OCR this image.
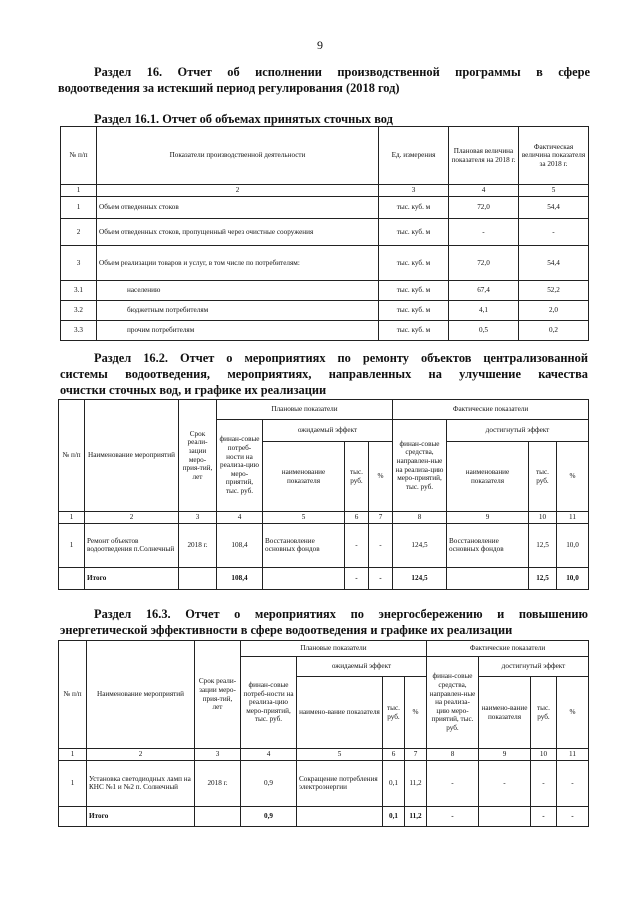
9
Раздел 16. Отчет об исполнении производственной программы в сфере
водоотведения за истекший период регулирования (2018 год)
Раздел 16.1. Отчет об объемах принятых сточных вод
№ п/п	Показатели производственной деятельности	Ед. измерения	Плановая величина показателя на 2018 г.	Фактическая величина показателя за 2018 г.
1	2	3	4	5
1	Объем отведенных стоков	тыс. куб. м	72,0	54,4
2	Объем отведенных стоков, пропущенный через очистные сооружения	тыс. куб. м	-	-
3	Объем реализации товаров и услуг, в том числе по потребителям:	тыс. куб. м	72,0	54,4
3.1	населению	тыс. куб. м	67,4	52,2
3.2	бюджетным потребителям	тыс. куб. м	4,1	2,0
3.3	прочим потребителям	тыс. куб. м	0,5	0,2
Раздел 16.2. Отчет о мероприятиях по ремонту объектов централизованной
системы водоотведения, мероприятиях, направленных на улучшение качества
очистки сточных вод, и графике их реализации
№ п/п	Наименование мероприятий	Срок реали-зации меро-прия-тий, лет	Плановые показатели				Фактические показатели			
			финан-совые потреб-ности на реализа-цию меро-приятий, тыс. руб.	ожидаемый эффект			финан-совые средства, направлен-ные на реализа-цию меро-приятий, тыс. руб.	достигнутый эффект		
				наименование показателя	тыс. руб.	%		наименование показателя	тыс. руб.	%
1	2	3	4	5	6	7	8	9	10	11
1	Ремонт объектов водоотведения п.Солнечный	2018 г.	108,4	Восстановление основных фондов	-	-	124,5	Восстановление основных фондов	12,5	10,0
	Итого		108,4		-	-	124,5		12,5	10,0
Раздел 16.3. Отчет о мероприятиях по энергосбережению и повышению
энергетической эффективности в сфере водоотведения и графике их реализации
№ п/п	Наименование мероприятий	Срок реали-зации меро-прия-тий, лет	Плановые показатели				Фактические показатели			
			финан-совые потреб-ности на реализа-цию меро-приятий, тыс. руб.	ожидаемый эффект			финан-совые средства, направлен-ные на реализа-цию меро-приятий, тыс. руб.	достигнутый эффект		
				наимено-вание показателя	тыс. руб.	%		наимено-вание показателя	тыс. руб.	%
1	2	3	4	5	6	7	8	9	10	11
1	Установка светодиодных ламп на КНС №1 и №2 п. Солнечный	2018 г.	0,9	Сокращение потребления электроэнергии	0,1	11,2	-	-	-	-
	Итого		0,9		0,1	11,2	-		-	-
